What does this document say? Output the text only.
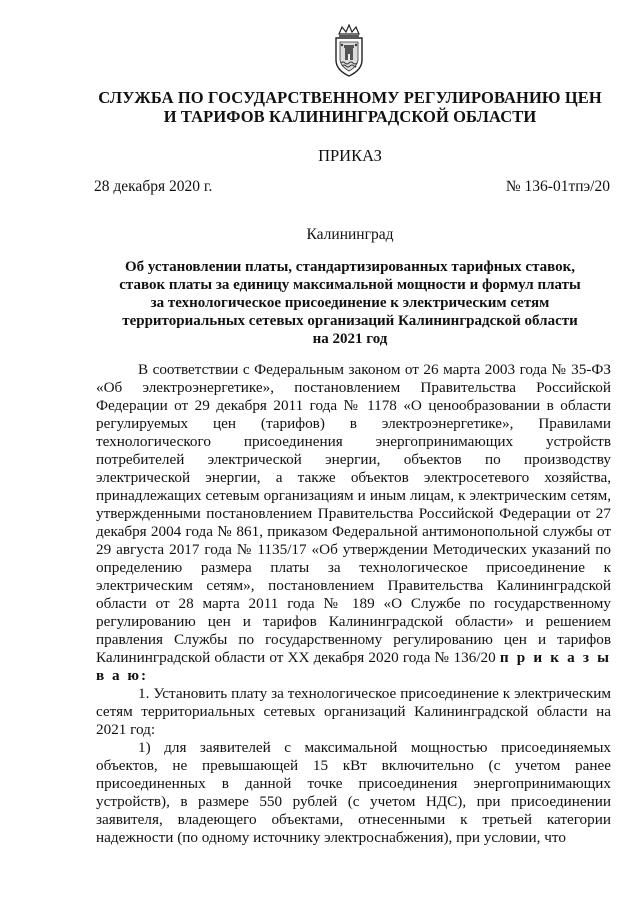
СЛУЖБА ПО ГОСУДАРСТВЕННОМУ РЕГУЛИРОВАНИЮ ЦЕН
И ТАРИФОВ КАЛИНИНГРАДСКОЙ ОБЛАСТИ
ПРИКАЗ
28 декабря 2020 г.	№ 136-01тпэ/20
Калининград
Об установлении платы, стандартизированных тарифных ставок,
ставок платы за единицу максимальной мощности и формул платы
за технологическое присоединение к электрическим сетям
территориальных сетевых организаций Калининградской области
на 2021 год

В соответствии с Федеральным законом от 26 марта 2003 года № 35-ФЗ «Об электроэнергетике», постановлением Правительства Российской Федерации от 29 декабря 2011 года № 1178 «О ценообразовании в области регулируемых цен (тарифов) в электроэнергетике», Правилами технологического присоединения энергопринимающих устройств потребителей электрической энергии, объектов по производству электрической энергии, а также объектов электросетевого хозяйства, принадлежащих сетевым организациям и иным лицам, к электрическим сетям, утвержденными постановлением Правительства Российской Федерации от 27 декабря 2004 года № 861, приказом Федеральной антимонопольной службы от 29 августа 2017 года № 1135/17 «Об утверждении Методических указаний по определению размера платы за технологическое присоединение к электрическим сетям», постановлением Правительства Калининградской области от 28 марта 2011 года № 189 «О Службе по государственному регулированию цен и тарифов Калининградской области» и решением правления Службы по государственному регулированию цен и тарифов Калининградской области от XX декабря 2020 года № 136/20 п р и к а з ы в а ю:

1. Установить плату за технологическое присоединение к электрическим сетям территориальных сетевых организаций Калининградской области на 2021 год:

1) для заявителей с максимальной мощностью присоединяемых объектов, не превышающей 15 кВт включительно (с учетом ранее присоединенных в данной точке присоединения энергопринимающих устройств), в размере 550 рублей (с учетом НДС), при присоединении заявителя, владеющего объектами, отнесенными к третьей категории надежности (по одному источнику электроснабжения), при условии, что
